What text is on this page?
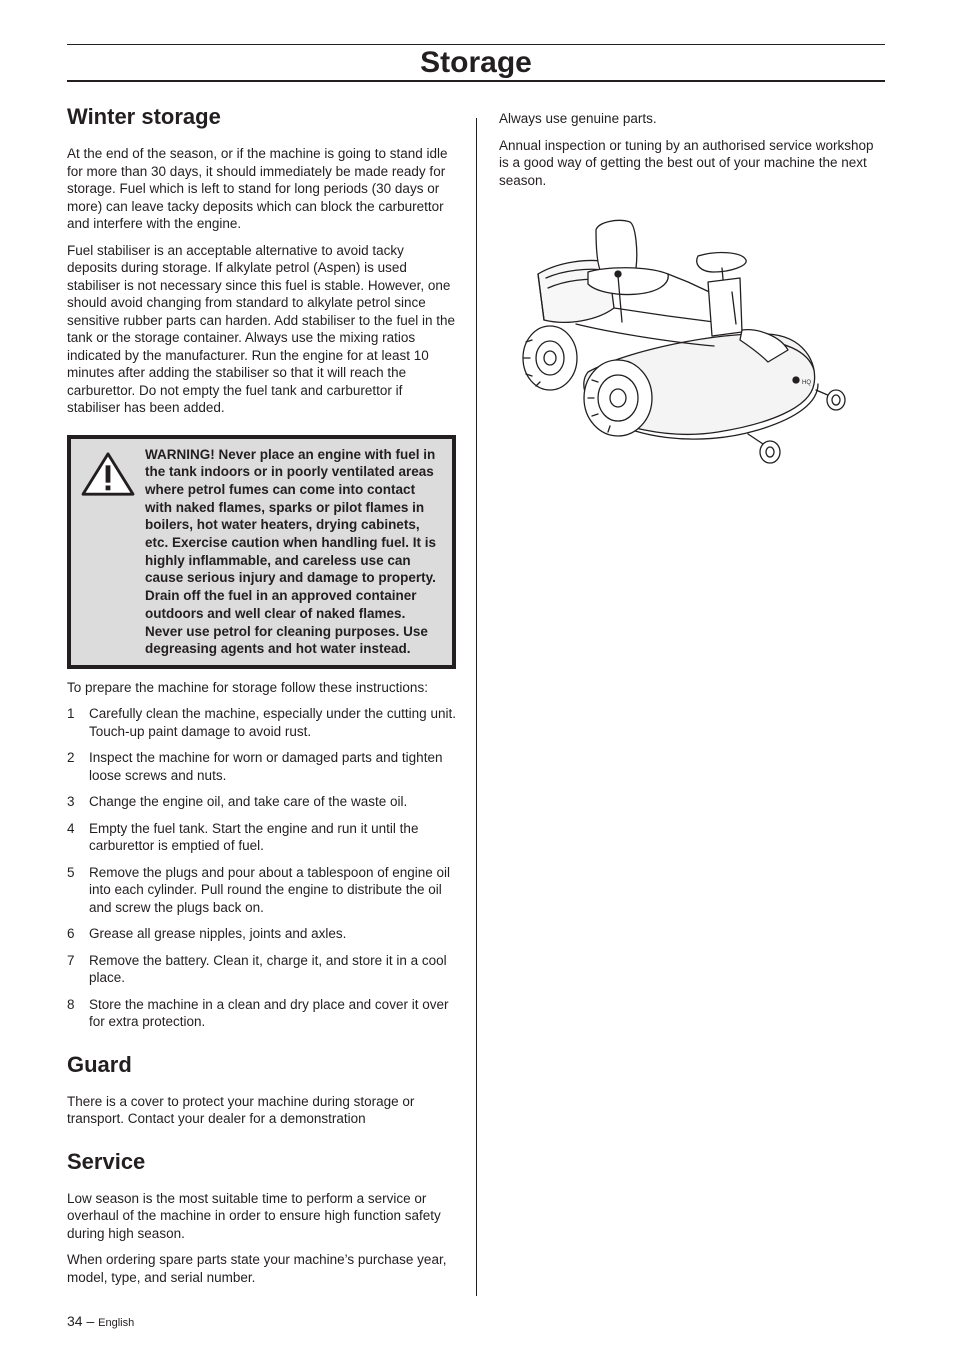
Storage
Winter storage

At the end of the season, or if the machine is going to stand idle for more than 30 days, it should immediately be made ready for storage. Fuel which is left to stand for long periods (30 days or more) can leave tacky deposits which can block the carburettor and interfere with the engine.

Fuel stabiliser is an acceptable alternative to avoid tacky deposits during storage. If alkylate petrol (Aspen) is used stabiliser is not necessary since this fuel is stable. However, one should avoid changing from standard to alkylate petrol since sensitive rubber parts can harden. Add stabiliser to the fuel in the tank or the storage container. Always use the mixing ratios indicated by the manufacturer. Run the engine for at least 10 minutes after adding the stabiliser so that it will reach the carburettor. Do not empty the fuel tank and carburettor if stabiliser has been added.

WARNING! Never place an engine with fuel in the tank indoors or in poorly ventilated areas where petrol fumes can come into contact with naked flames, sparks or pilot flames in boilers, hot water heaters, drying cabinets, etc. Exercise caution when handling fuel. It is highly inflammable, and careless use can cause serious injury and damage to property. Drain off the fuel in an approved container outdoors and well clear of naked flames. Never use petrol for cleaning purposes. Use degreasing agents and hot water instead.

To prepare the machine for storage follow these instructions:

1	Carefully clean the machine, especially under the cutting unit. Touch-up paint damage to avoid rust.
2	Inspect the machine for worn or damaged parts and tighten loose screws and nuts.
3	Change the engine oil, and take care of the waste oil.
4	Empty the fuel tank. Start the engine and run it until the carburettor is emptied of fuel.
5	Remove the plugs and pour about a tablespoon of engine oil into each cylinder. Pull round the engine to distribute the oil and screw the plugs back on.
6	Grease all grease nipples, joints and axles.
7	Remove the battery. Clean it, charge it, and store it in a cool place.
8	Store the machine in a clean and dry place and cover it over for extra protection.
Guard

There is a cover to protect your machine during storage or transport. Contact your dealer for a demonstration

Service

Low season is the most suitable time to perform a service or overhaul of the machine in order to ensure high function safety during high season.

When ordering spare parts state your machine’s purchase year, model, type, and serial number.

Always use genuine parts.

Annual inspection or tuning by an authorised service workshop is a good way of getting the best out of your machine the next season.

HQ
34 – English
